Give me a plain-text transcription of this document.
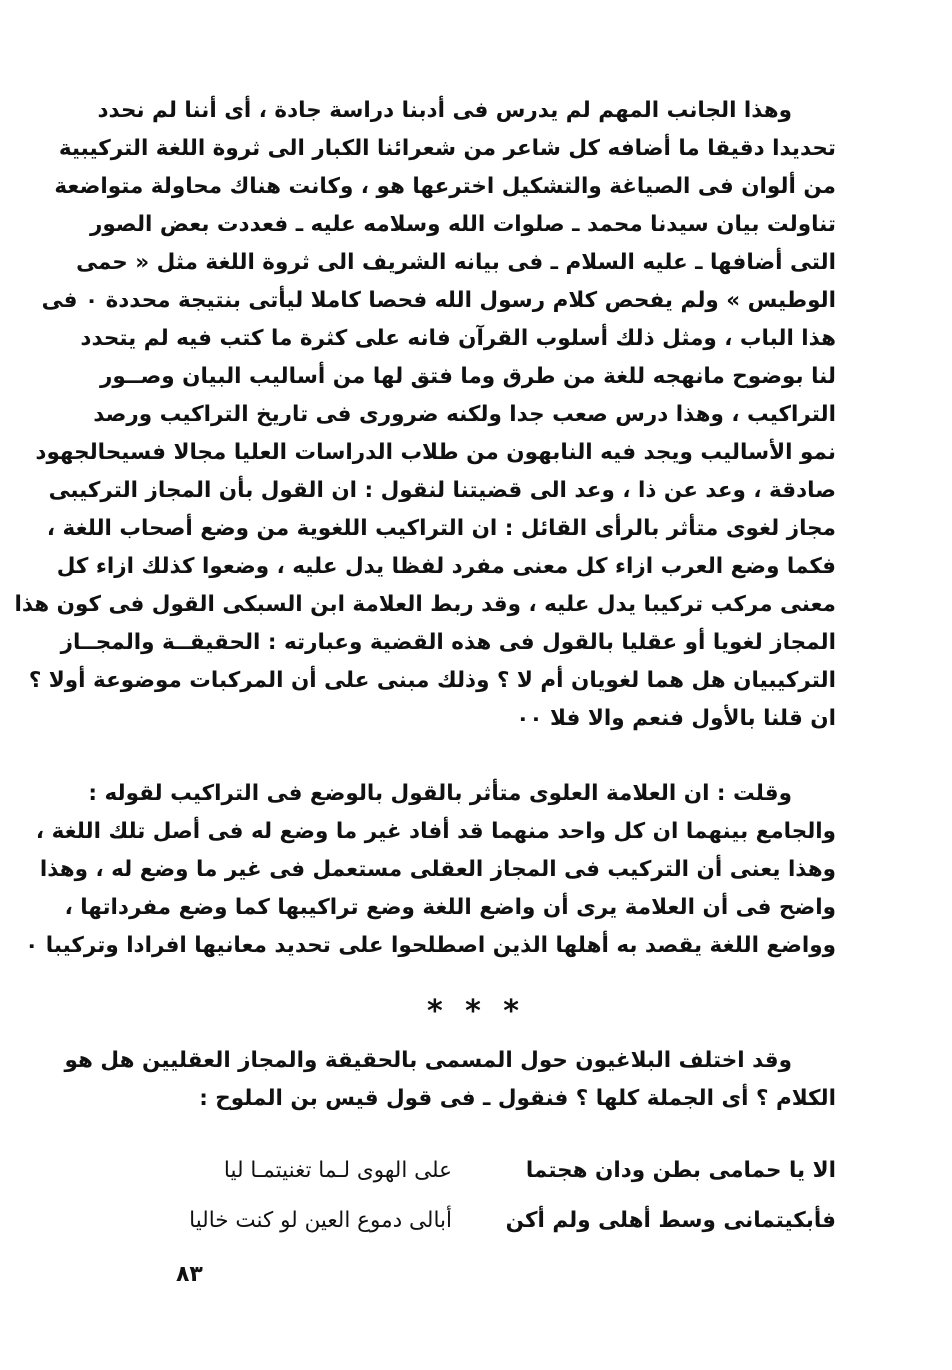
وهذا الجانب المهم لم يدرس فى أدبنا دراسة جادة ، أى أننا لم نحدد
تحديدا دقيقا ما أضافه كل شاعر من شعرائنا الكبار الى ثروة اللغة التركيبية
من ألوان فى الصياغة والتشكيل اخترعها هو ، وكانت هناك محاولة متواضعة
تناولت بيان سيدنا محمد ـ صلوات الله وسلامه عليه ـ فعددت بعض الصور
التى أضافها ـ عليه السلام ـ فى بيانه الشريف الى ثروة اللغة مثل « حمى
الوطيس » ولم يفحص كلام رسول الله فحصا كاملا ليأتى بنتيجة محددة ٠ فى
هذا الباب ، ومثل ذلك أسلوب القرآن فانه على كثرة ما كتب فيه لم يتحدد
لنا بوضوح مانهجه للغة من طرق وما فتق لها من أساليب البيان وصــور
التراكيب ، وهذا درس صعب جدا ولكنه ضرورى فى تاريخ التراكيب ورصد
نمو الأساليب ويجد فيه النابهون من طلاب الدراسات العليا مجالا فسيحالجهود
صادقة ، وعد عن ذا ، وعد الى قضيتنا لنقول : ان القول بأن المجاز التركيبى
مجاز لغوى متأثر بالرأى القائل : ان التراكيب اللغوية من وضع أصحاب اللغة ،
فكما وضع العرب ازاء كل معنى مفرد لفظا يدل عليه ، وضعوا كذلك ازاء كل
معنى مركب تركيبا يدل عليه ، وقد ربط العلامة ابن السبكى القول فى كون هذا
المجاز لغويا أو عقليا بالقول فى هذه القضية وعبارته : الحقيقــة والمجــاز
التركيبيان هل هما لغويان أم لا ؟ وذلك مبنى على أن المركبات موضوعة أولا ؟
ان قلنا بالأول فنعم والا فلا ٠٠
وقلت : ان العلامة العلوى متأثر بالقول بالوضع فى التراكيب لقوله :
والجامع بينهما ان كل واحد منهما قد أفاد غير ما وضع له فى أصل تلك اللغة ،
وهذا يعنى أن التركيب فى المجاز العقلى مستعمل فى غير ما وضع له ، وهذا
واضح فى أن العلامة يرى أن واضع اللغة وضع تراكيبها كما وضع مفرداتها ،
وواضع اللغة يقصد به أهلها الذين اصطلحوا على تحديد معانيها افرادا وتركيبا ٠
* * *
وقد اختلف البلاغيون حول المسمى بالحقيقة والمجاز العقليين هل هو
الكلام ؟ أى الجملة كلها ؟ فنقول ـ فى قول قيس بن الملوح :
الا يا حمامى بطن ودان هجتما
على الهوى لـما تغنيتمـا ليا
فأبكيتمانى وسط أهلى ولم أكن
أبالى دموع العين لو كنت خاليا
٨٣
